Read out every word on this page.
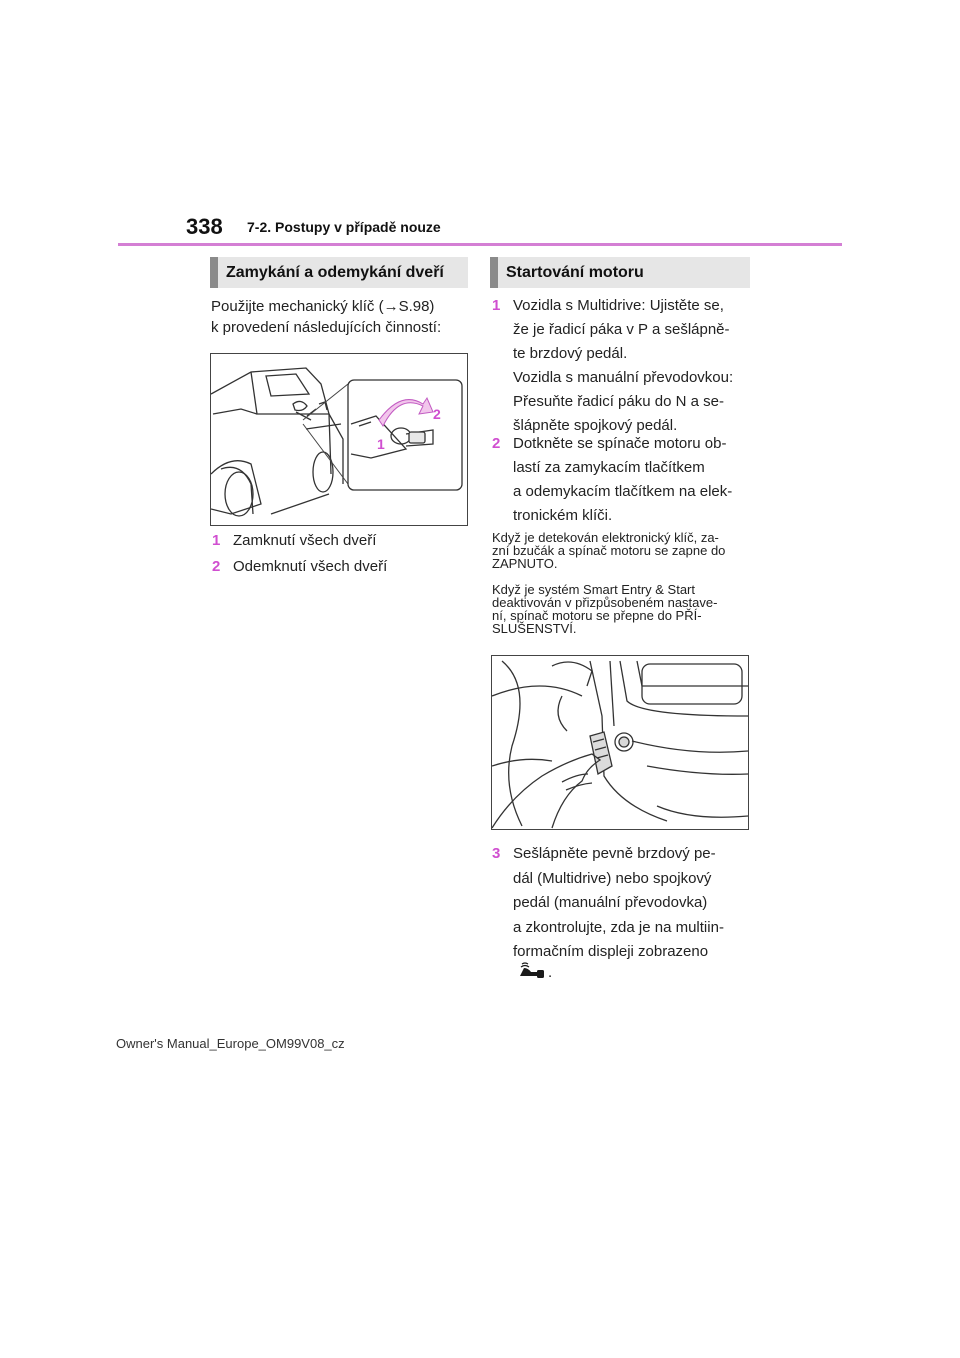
338 7-2. Postupy v případě nouze
Zamykání a odemykání dveří	Startování motoru
Použijte mechanický klíč (→S.98)
k provedení následujících činností:
1
2
1 Zamknutí všech dveří
2 Odemknutí všech dveří
1 Vozidla s Multidrive: Ujistěte se,
že je řadicí páka v P a sešlápně-
te brzdový pedál.
Vozidla s manuální převodovkou:
Přesuňte řadicí páku do N a se-
šlápněte spojkový pedál.
2 Dotkněte se spínače motoru ob-
lastí za zamykacím tlačítkem
a odemykacím tlačítkem na elek-
tronickém klíči.
Když je detekován elektronický klíč, za-
zní bzučák a spínač motoru se zapne do
ZAPNUTO.
Když je systém Smart Entry & Start
deaktivován v přizpůsobeném nastave-
ní, spínač motoru se přepne do PŘÍ-
SLUŠENSTVÍ.
3 Sešlápněte pevně brzdový pe-
dál (Multidrive) nebo spojkový
pedál (manuální převodovka)
a zkontrolujte, zda je na multiin-
formačním displeji zobrazeno
.
Owner's Manual_Europe_OM99V08_cz
